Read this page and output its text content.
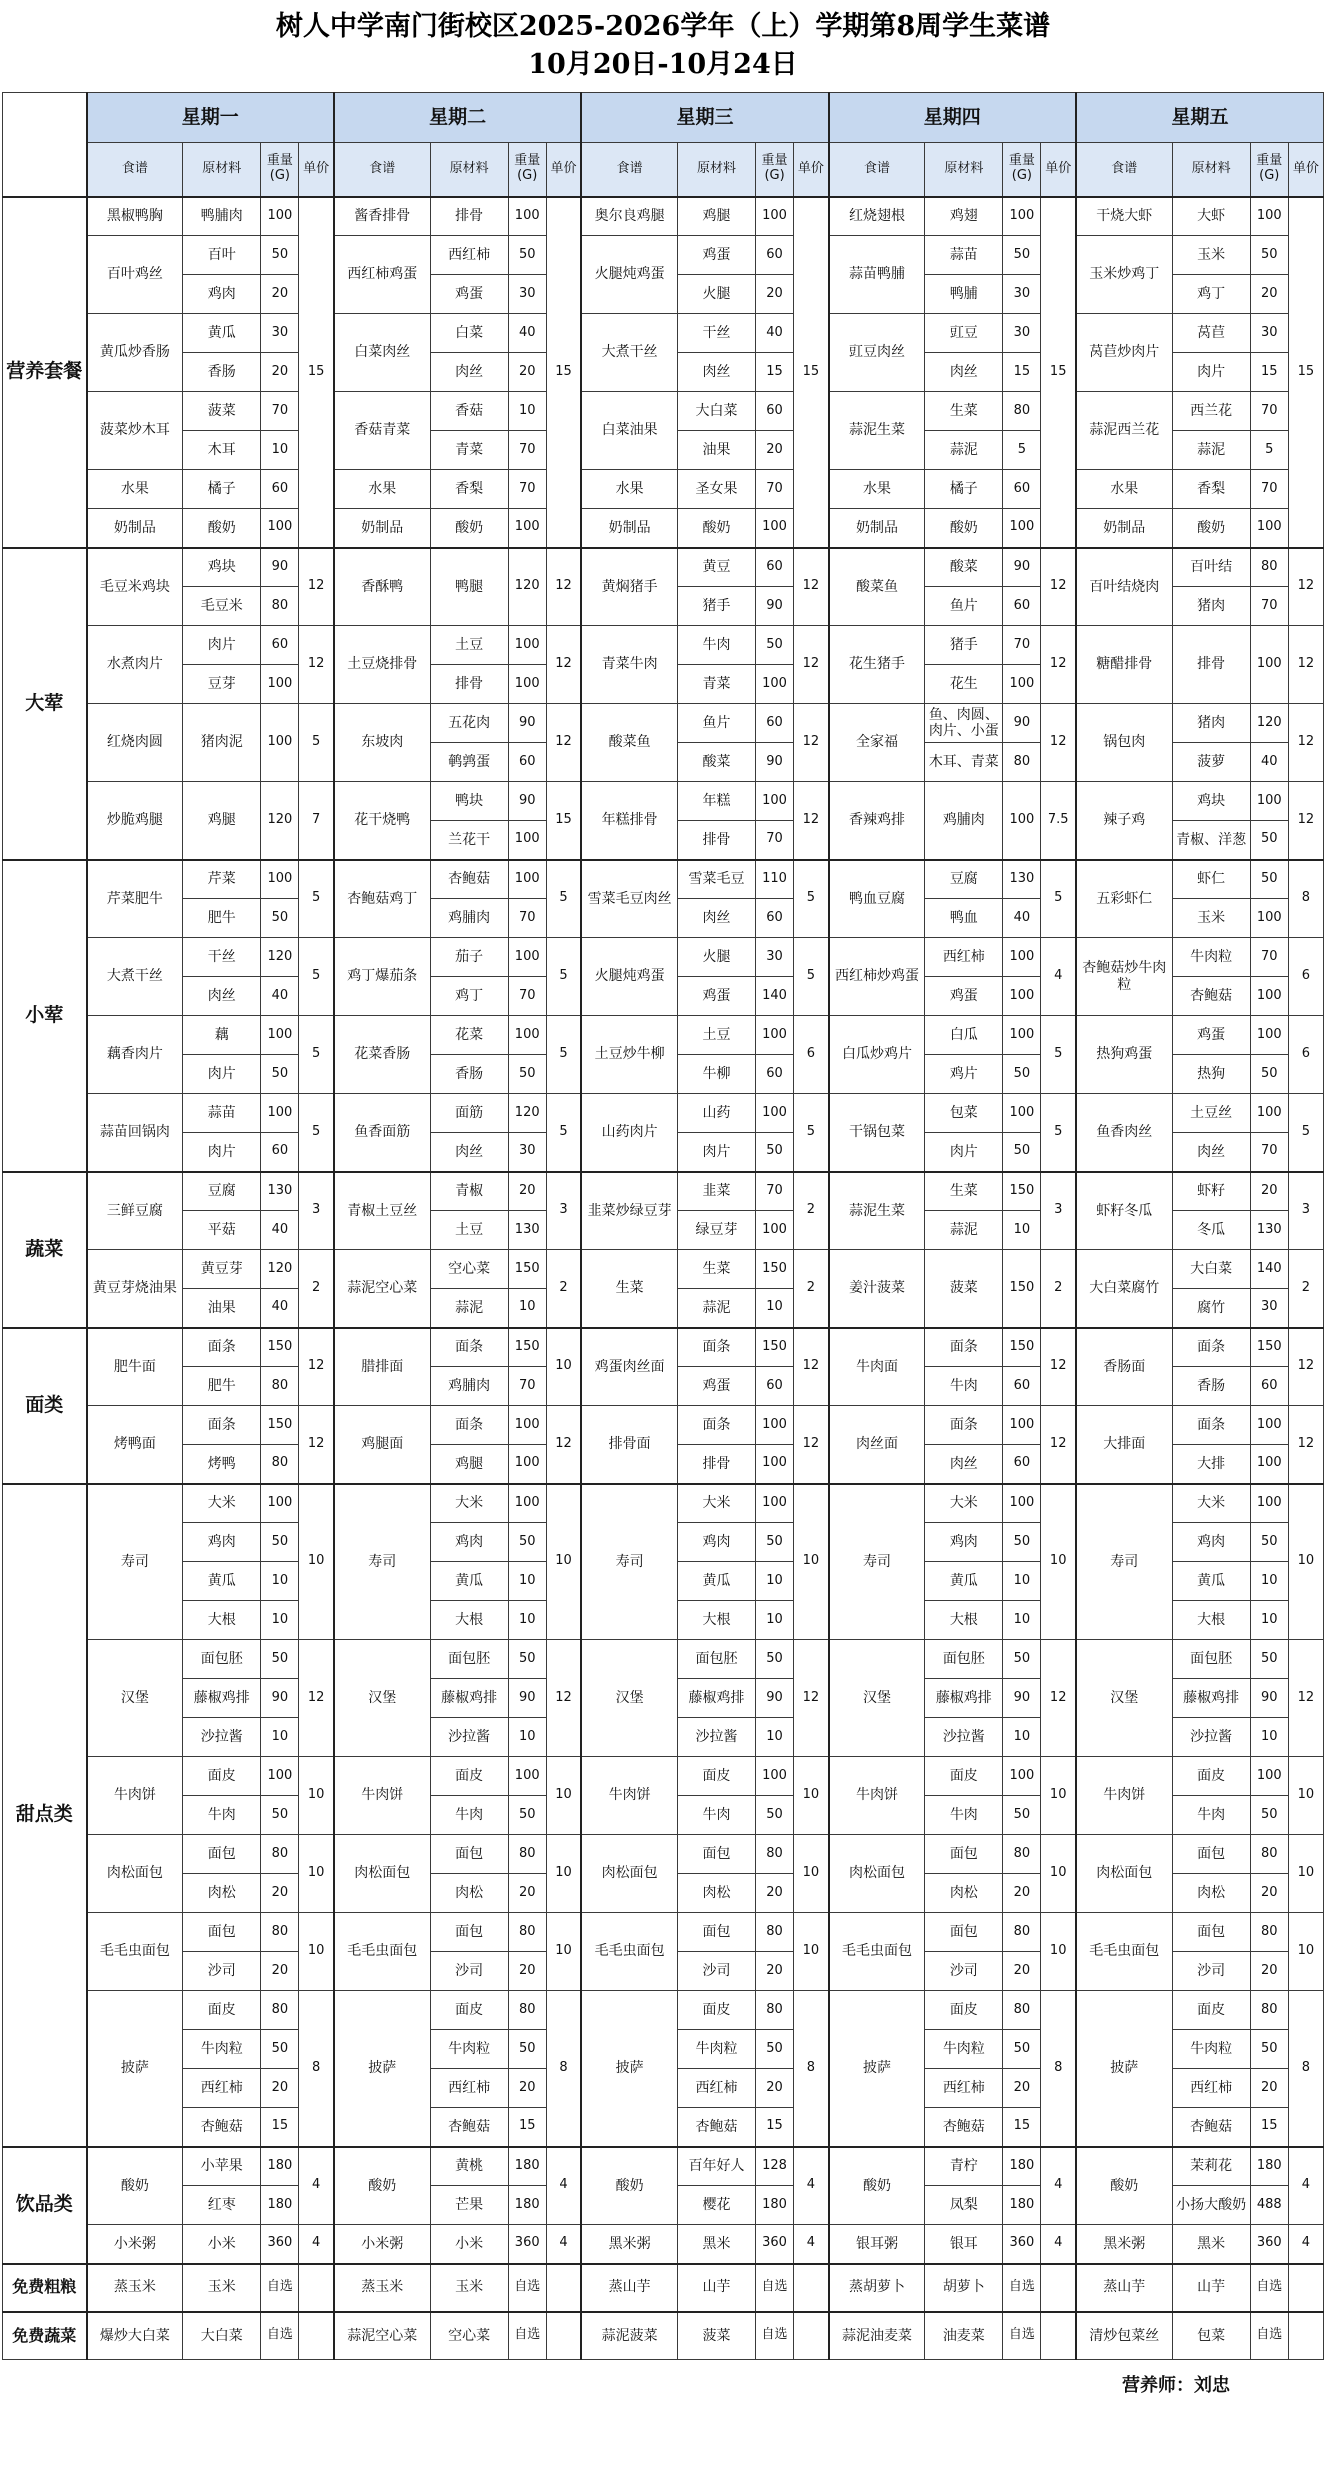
树人中学南门街校区2025-2026学年（上）学期第8周学生菜谱
10月20日-10月24日
	星期一				星期二				星期三				星期四				星期五			
	食谱	原材料	重量(G)	单价	食谱	原材料	重量(G)	单价	食谱	原材料	重量(G)	单价	食谱	原材料	重量(G)	单价	食谱	原材料	重量(G)	单价
营养套餐	黑椒鸭胸	鸭脯肉	100	15	酱香排骨	排骨	100	15	奥尔良鸡腿	鸡腿	100	15	红烧翅根	鸡翅	100	15	干烧大虾	大虾	100	15
	百叶鸡丝	百叶	50		西红柿鸡蛋	西红柿	50		火腿炖鸡蛋	鸡蛋	60		蒜苗鸭脯	蒜苗	50		玉米炒鸡丁	玉米	50	
		鸡肉	20			鸡蛋	30			火腿	20			鸭脯	30			鸡丁	20	
	黄瓜炒香肠	黄瓜	30		白菜肉丝	白菜	40		大煮干丝	干丝	40		豇豆肉丝	豇豆	30		莴苣炒肉片	莴苣	30	
		香肠	20			肉丝	20			肉丝	15			肉丝	15			肉片	15	
	菠菜炒木耳	菠菜	70		香菇青菜	香菇	10		白菜油果	大白菜	60		蒜泥生菜	生菜	80		蒜泥西兰花	西兰花	70	
		木耳	10			青菜	70			油果	20			蒜泥	5			蒜泥	5	
	水果	橘子	60		水果	香梨	70		水果	圣女果	70		水果	橘子	60		水果	香梨	70	
	奶制品	酸奶	100		奶制品	酸奶	100		奶制品	酸奶	100		奶制品	酸奶	100		奶制品	酸奶	100	
大荤	毛豆米鸡块	鸡块	90	12	香酥鸭	鸭腿	120	12	黄焖猪手	黄豆	60	12	酸菜鱼	酸菜	90	12	百叶结烧肉	百叶结	80	12
		毛豆米	80							猪手	90			鱼片	60			猪肉	70	
	水煮肉片	肉片	60	12	土豆烧排骨	土豆	100	12	青菜牛肉	牛肉	50	12	花生猪手	猪手	70	12	糖醋排骨	排骨	100	12
		豆芽	100			排骨	100			青菜	100			花生	100					
	红烧肉圆	猪肉泥	100	5	东坡肉	五花肉	90	12	酸菜鱼	鱼片	60	12	全家福	鱼、肉圆、肉片、小蛋	90	12	锅包肉	猪肉	120	12
						鹌鹑蛋	60			酸菜	90			木耳、青菜	80			菠萝	40	
	炒脆鸡腿	鸡腿	120	7	花干烧鸭	鸭块	90	15	年糕排骨	年糕	100	12	香辣鸡排	鸡脯肉	100	7.5	辣子鸡	鸡块	100	12
						兰花干	100			排骨	70							青椒、洋葱	50	
小荤	芹菜肥牛	芹菜	100	5	杏鲍菇鸡丁	杏鲍菇	100	5	雪菜毛豆肉丝	雪菜毛豆	110	5	鸭血豆腐	豆腐	130	5	五彩虾仁	虾仁	50	8
		肥牛	50			鸡脯肉	70			肉丝	60			鸭血	40			玉米	100	
	大煮干丝	干丝	120	5	鸡丁爆茄条	茄子	100	5	火腿炖鸡蛋	火腿	30	5	西红柿炒鸡蛋	西红柿	100	4	杏鲍菇炒牛肉粒	牛肉粒	70	6
		肉丝	40			鸡丁	70			鸡蛋	140			鸡蛋	100			杏鲍菇	100	
	藕香肉片	藕	100	5	花菜香肠	花菜	100	5	土豆炒牛柳	土豆	100	6	白瓜炒鸡片	白瓜	100	5	热狗鸡蛋	鸡蛋	100	6
		肉片	50			香肠	50			牛柳	60			鸡片	50			热狗	50	
	蒜苗回锅肉	蒜苗	100	5	鱼香面筋	面筋	120	5	山药肉片	山药	100	5	干锅包菜	包菜	100	5	鱼香肉丝	土豆丝	100	5
		肉片	60			肉丝	30			肉片	50			肉片	50			肉丝	70	
蔬菜	三鲜豆腐	豆腐	130	3	青椒土豆丝	青椒	20	3	韭菜炒绿豆芽	韭菜	70	2	蒜泥生菜	生菜	150	3	虾籽冬瓜	虾籽	20	3
		平菇	40			土豆	130			绿豆芽	100			蒜泥	10			冬瓜	130	
	黄豆芽烧油果	黄豆芽	120	2	蒜泥空心菜	空心菜	150	2	生菜	生菜	150	2	姜汁菠菜	菠菜	150	2	大白菜腐竹	大白菜	140	2
		油果	40			蒜泥	10			蒜泥	10							腐竹	30	
面类	肥牛面	面条	150	12	腊排面	面条	150	10	鸡蛋肉丝面	面条	150	12	牛肉面	面条	150	12	香肠面	面条	150	12
		肥牛	80			鸡脯肉	70			鸡蛋	60			牛肉	60			香肠	60	
	烤鸭面	面条	150	12	鸡腿面	面条	100	12	排骨面	面条	100	12	肉丝面	面条	100	12	大排面	面条	100	12
		烤鸭	80			鸡腿	100			排骨	100			肉丝	60			大排	100	
甜点类	寿司	大米	100	10	寿司	大米	100	10	寿司	大米	100	10	寿司	大米	100	10	寿司	大米	100	10
		鸡肉	50			鸡肉	50			鸡肉	50			鸡肉	50			鸡肉	50	
		黄瓜	10			黄瓜	10			黄瓜	10			黄瓜	10			黄瓜	10	
		大根	10			大根	10			大根	10			大根	10			大根	10	
	汉堡	面包胚	50	12	汉堡	面包胚	50	12	汉堡	面包胚	50	12	汉堡	面包胚	50	12	汉堡	面包胚	50	12
		藤椒鸡排	90			藤椒鸡排	90			藤椒鸡排	90			藤椒鸡排	90			藤椒鸡排	90	
		沙拉酱	10			沙拉酱	10			沙拉酱	10			沙拉酱	10			沙拉酱	10	
	牛肉饼	面皮	100	10	牛肉饼	面皮	100	10	牛肉饼	面皮	100	10	牛肉饼	面皮	100	10	牛肉饼	面皮	100	10
		牛肉	50			牛肉	50			牛肉	50			牛肉	50			牛肉	50	
	肉松面包	面包	80	10	肉松面包	面包	80	10	肉松面包	面包	80	10	肉松面包	面包	80	10	肉松面包	面包	80	10
		肉松	20			肉松	20			肉松	20			肉松	20			肉松	20	
	毛毛虫面包	面包	80	10	毛毛虫面包	面包	80	10	毛毛虫面包	面包	80	10	毛毛虫面包	面包	80	10	毛毛虫面包	面包	80	10
		沙司	20			沙司	20			沙司	20			沙司	20			沙司	20	
	披萨	面皮	80	8	披萨	面皮	80	8	披萨	面皮	80	8	披萨	面皮	80	8	披萨	面皮	80	8
		牛肉粒	50			牛肉粒	50			牛肉粒	50			牛肉粒	50			牛肉粒	50	
		西红柿	20			西红柿	20			西红柿	20			西红柿	20			西红柿	20	
		杏鲍菇	15			杏鲍菇	15			杏鲍菇	15			杏鲍菇	15			杏鲍菇	15	
饮品类	酸奶	小苹果	180	4	酸奶	黄桃	180	4	酸奶	百年好人	128	4	酸奶	青柠	180	4	酸奶	茉莉花	180	4
		红枣	180			芒果	180			樱花	180			凤梨	180			小扬大酸奶	488	
	小米粥	小米	360	4	小米粥	小米	360	4	黑米粥	黑米	360	4	银耳粥	银耳	360	4	黑米粥	黑米	360	4
免费粗粮	蒸玉米	玉米	自选		蒸玉米	玉米	自选		蒸山芋	山芋	自选		蒸胡萝卜	胡萝卜	自选		蒸山芋	山芋	自选	
免费蔬菜	爆炒大白菜	大白菜	自选		蒜泥空心菜	空心菜	自选		蒜泥菠菜	菠菜	自选		蒜泥油麦菜	油麦菜	自选		清炒包菜丝	包菜	自选	
营养师：刘忠
